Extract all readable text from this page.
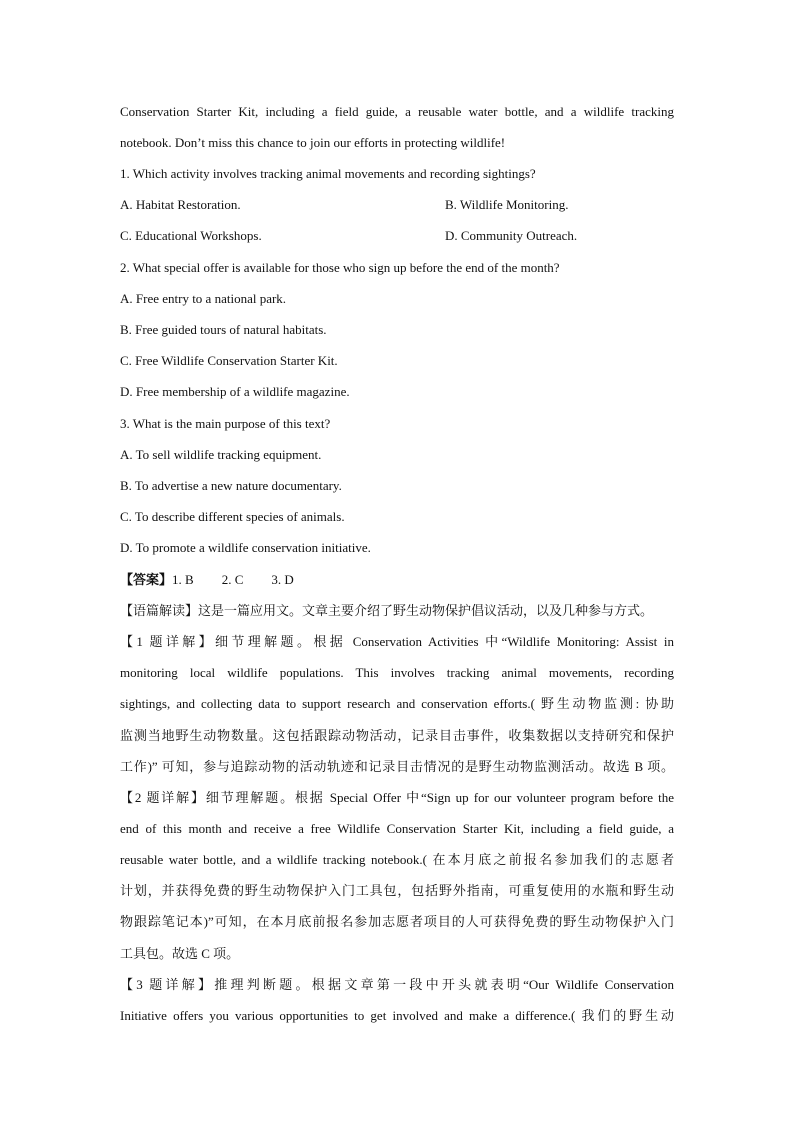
Conservation Starter Kit, including a field guide, a reusable water bottle, and a wildlife tracking
notebook. Don’t miss this chance to join our efforts in protecting wildlife!
1. Which activity involves tracking animal movements and recording sightings?
A. Habitat Restoration.	B. Wildlife Monitoring.
C. Educational Workshops.	D. Community Outreach.
2. What special offer is available for those who sign up before the end of the month?
A. Free entry to a national park.
B. Free guided tours of natural habitats.
C. Free Wildlife Conservation Starter Kit.
D. Free membership of a wildlife magazine.
3. What is the main purpose of this text?
A. To sell wildlife tracking equipment.
B. To advertise a new nature documentary.
C. To describe different species of animals.
D. To promote a wildlife conservation initiative.
【答案】1. B 2. C 3. D
【语篇解读】这是一篇应用文。文章主要介绍了野生动物保护倡议活动，以及几种参与方式。
【1 题详解】细节理解题。根据 Conservation Activities 中“Wildlife Monitoring: Assist in
monitoring local wildlife populations. This involves tracking animal movements, recording
sightings, and collecting data to support research and conservation efforts.( 野生动物监测: 协助
监测当地野生动物数量。这包括跟踪动物活动，记录目击事件，收集数据以支持研究和保护
工作)” 可知，参与追踪动物的活动轨迹和记录目击情况的是野生动物监测活动。故选 B 项。
【2 题详解】细节理解题。根据 Special Offer 中“Sign up for our volunteer program before the
end of this month and receive a free Wildlife Conservation Starter Kit, including a field guide, a
reusable water bottle, and a wildlife tracking notebook.( 在本月底之前报名参加我们的志愿者
计划，并获得免费的野生动物保护入门工具包，包括野外指南，可重复使用的水瓶和野生动
物跟踪笔记本)”可知，在本月底前报名参加志愿者项目的人可获得免费的野生动物保护入门
工具包。故选 C 项。
【3 题详解】推理判断题。根据文章第一段中开头就表明“Our Wildlife Conservation
Initiative offers you various opportunities to get involved and make a difference.( 我们的野生动
